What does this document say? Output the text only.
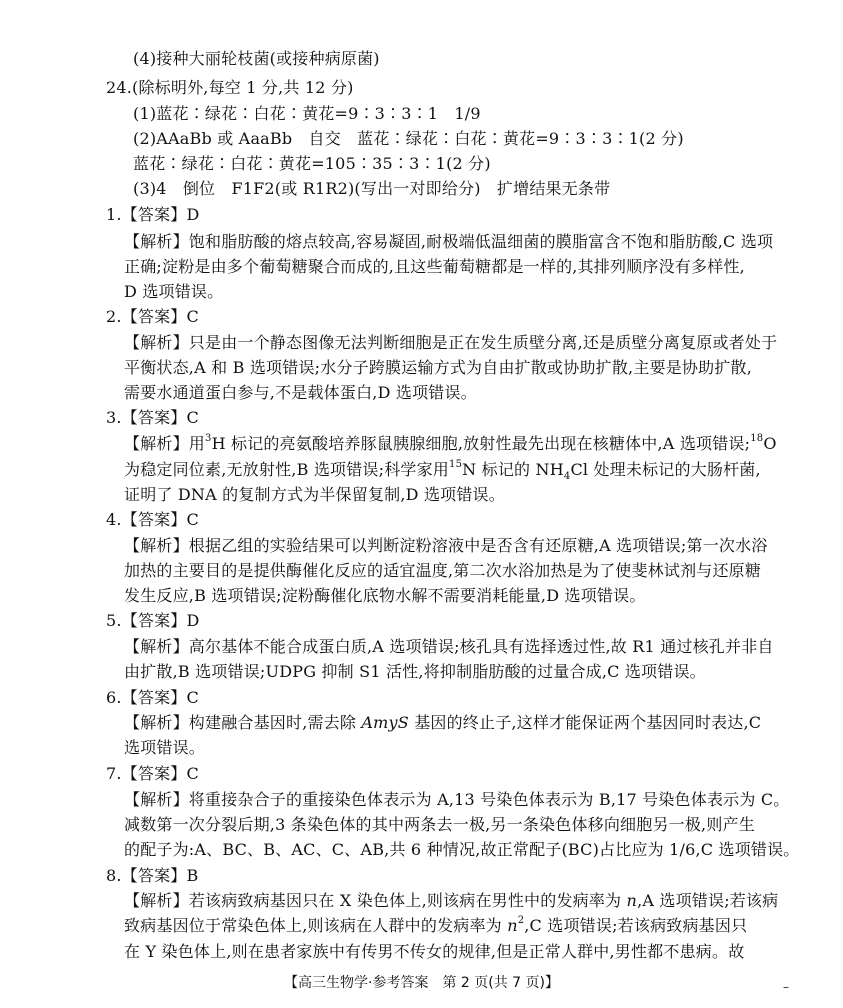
(4)接种大丽轮枝菌(或接种病原菌)
24.(除标明外,每空 1 分,共 12 分)
(1)蓝花∶绿花∶白花∶黄花=9∶3∶3∶1　1/9
(2)AAaBb 或 AaaBb　自交　蓝花∶绿花∶白花∶黄花=9∶3∶3∶1(2 分)
蓝花∶绿花∶白花∶黄花=105∶35∶3∶1(2 分)
(3)4　倒位　F1F2(或 R1R2)(写出一对即给分)　扩增结果无条带
1.【答案】D
【解析】饱和脂肪酸的熔点较高,容易凝固,耐极端低温细菌的膜脂富含不饱和脂肪酸,C 选项
正确;淀粉是由多个葡萄糖聚合而成的,且这些葡萄糖都是一样的,其排列顺序没有多样性,
D 选项错误。
2.【答案】C
【解析】只是由一个静态图像无法判断细胞是正在发生质壁分离,还是质壁分离复原或者处于
平衡状态,A 和 B 选项错误;水分子跨膜运输方式为自由扩散或协助扩散,主要是协助扩散,
需要水通道蛋白参与,不是载体蛋白,D 选项错误。
3.【答案】C
【解析】用$^3$H 标记的亮氨酸培养豚鼠胰腺细胞,放射性最先出现在核糖体中,A 选项错误;$^{18}$O
为稳定同位素,无放射性,B 选项错误;科学家用$^{15}$N 标记的 $NH_4Cl$ 处理未标记的大肠杆菌,
证明了 DNA 的复制方式为半保留复制,D 选项错误。
4.【答案】C
【解析】根据乙组的实验结果可以判断淀粉溶液中是否含有还原糖,A 选项错误;第一次水浴
加热的主要目的是提供酶催化反应的适宜温度,第二次水浴加热是为了使斐林试剂与还原糖
发生反应,B 选项错误;淀粉酶催化底物水解不需要消耗能量,D 选项错误。
5.【答案】D
【解析】高尔基体不能合成蛋白质,A 选项错误;核孔具有选择透过性,故 R1 通过核孔并非自
由扩散,B 选项错误;UDPG 抑制 S1 活性,将抑制脂肪酸的过量合成,C 选项错误。
6.【答案】C
【解析】构建融合基因时,需去除 AmyS 基因的终止子,这样才能保证两个基因同时表达,C
选项错误。
7.【答案】C
【解析】将重接杂合子的重接染色体表示为 A,13 号染色体表示为 B,17 号染色体表示为 C。
减数第一次分裂后期,3 条染色体的其中两条去一极,另一条染色体移向细胞另一极,则产生
的配子为:A、BC、B、AC、C、AB,共 6 种情况,故正常配子(BC)占比应为 1/6,C 选项错误。
8.【答案】B
【解析】若该病致病基因只在 X 染色体上,则该病在男性中的发病率为 n,A 选项错误;若该病
致病基因位于常染色体上,则该病在人群中的发病率为 $n^2,C$ 选项错误;若该病致病基因只
在 Y 染色体上,则在患者家族中有传男不传女的规律,但是正常人群中,男性都不患病。故
【高三生物学·参考答案　第 2 页(共 7 页)】	–
